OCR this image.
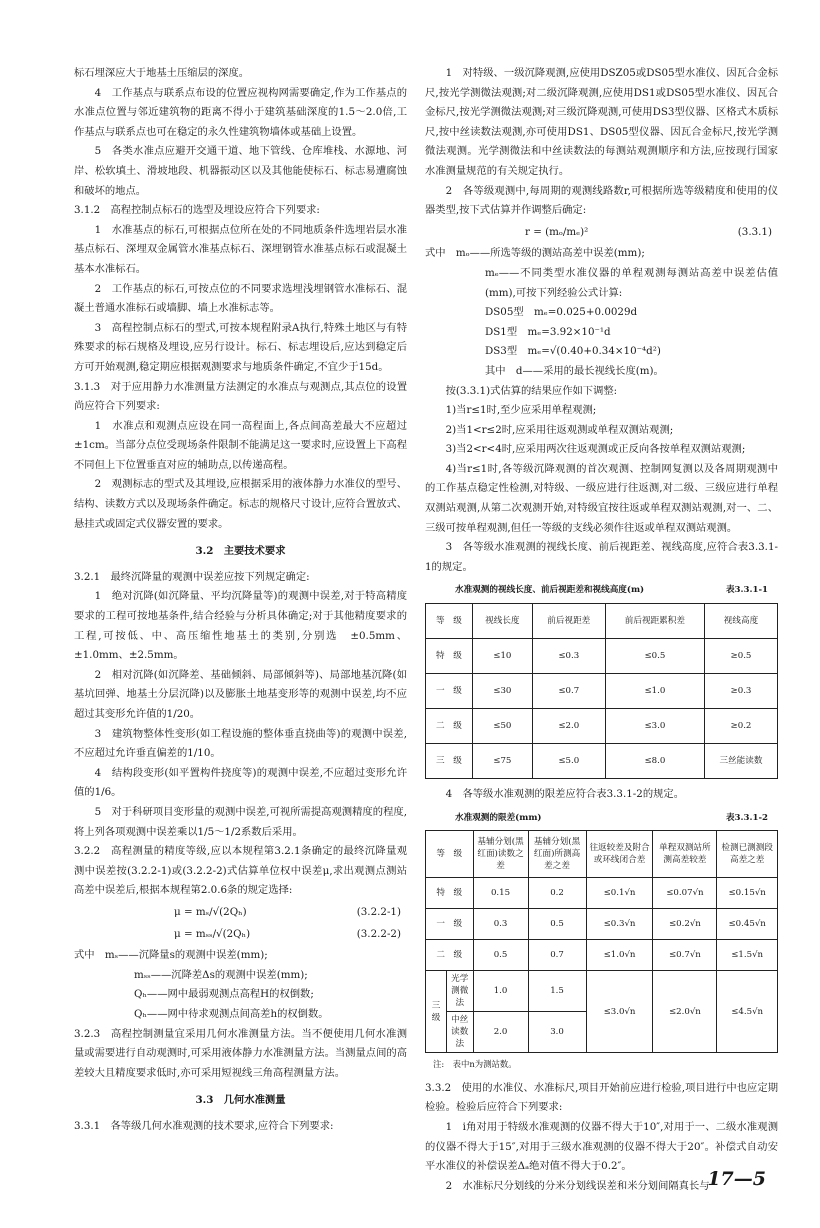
标石埋深应大于地基土压缩层的深度。

4　工作基点与联系点布设的位置应视构网需要确定,作为工作基点的水准点位置与邻近建筑物的距离不得小于建筑基础深度的1.5～2.0倍,工作基点与联系点也可在稳定的永久性建筑物墙体或基础上设置。

5　各类水准点应避开交通干道、地下管线、仓库堆栈、水源地、河岸、松软填土、滑坡地段、机器振动区以及其他能使标石、标志易遭腐蚀和破坏的地点。

3.1.2　高程控制点标石的选型及埋设应符合下列要求:

1　水准基点的标石,可根据点位所在处的不同地质条件选埋岩层水准基点标石、深埋双金属管水准基点标石、深埋钢管水准基点标石或混凝土基本水准标石。

2　工作基点的标石,可按点位的不同要求选埋浅埋钢管水准标石、混凝土普通水准标石或墙脚、墙上水准标志等。

3　高程控制点标石的型式,可按本规程附录A执行,特殊土地区与有特殊要求的标石规格及埋设,应另行设计。标石、标志埋设后,应达到稳定后方可开始观测,稳定期应根据观测要求与地质条件确定,不宜少于15d。

3.1.3　对于应用静力水准测量方法测定的水准点与观测点,其点位的设置尚应符合下列要求:

1　水准点和观测点应设在同一高程面上,各点间高差最大不应超过±1cm。当部分点位受现场条件限制不能满足这一要求时,应设置上下高程不同但上下位置垂直对应的辅助点,以传递高程。

2　观测标志的型式及其埋设,应根据采用的液体静力水准仪的型号、结构、读数方式以及现场条件确定。标志的规格尺寸设计,应符合置放式、悬挂式或固定式仪器安置的要求。

3.2　主要技术要求

3.2.1　最终沉降量的观测中误差应按下列规定确定:

1　绝对沉降(如沉降量、平均沉降量等)的观测中误差,对于特高精度要求的工程可按地基条件,结合经验与分析具体确定;对于其他精度要求的工程,可按低、中、高压缩性地基土的类别,分别选　±0.5mm、±1.0mm、±2.5mm。

2　相对沉降(如沉降差、基础倾斜、局部倾斜等)、局部地基沉降(如基坑回弹、地基土分层沉降)以及膨胀土地基变形等的观测中误差,均不应超过其变形允许值的1/20。

3　建筑物整体性变形(如工程设施的整体垂直挠曲等)的观测中误差,不应超过允许垂直偏差的1/10。

4　结构段变形(如平置构件挠度等)的观测中误差,不应超过变形允许值的1/6。

5　对于科研项目变形量的观测中误差,可视所需提高观测精度的程度,将上列各项观测中误差乘以1/5～1/2系数后采用。

3.2.2　高程测量的精度等级,应以本规程第3.2.1条确定的最终沉降量观测中误差按(3.2.2-1)或(3.2.2-2)式估算单位权中误差μ,求出观测点测站高差中误差后,根据本规程第2.0.6条的规定选择:

μ = mₛ/√(2Qₕ)	(3.2.2-1)
μ = mₛₛ/√(2Qₕ)	(3.2.2-2)

式中　mₛ——沉降量s的观测中误差(mm);

mₛₛ——沉降差Δs的观测中误差(mm);

Qₕ——网中最弱观测点高程H的权倒数;

Qₕ——网中待求观测点间高差h的权倒数。

3.2.3　高程控制测量宜采用几何水准测量方法。当不便使用几何水准测量或需要进行自动观测时,可采用液体静力水准测量方法。当测量点间的高差较大且精度要求低时,亦可采用短视线三角高程测量方法。

3.3　几何水准测量

3.3.1　各等级几何水准观测的技术要求,应符合下列要求:

1　对特级、一级沉降观测,应使用DSZ05或DS05型水准仪、因瓦合金标尺,按光学测微法观测;对二级沉降观测,应使用DS1或DS05型水准仪、因瓦合金标尺,按光学测微法观测;对三级沉降观测,可使用DS3型仪器、区格式木质标尺,按中丝读数法观测,亦可使用DS1、DS05型仪器、因瓦合金标尺,按光学测微法观测。光学测微法和中丝读数法的每测站观测顺序和方法,应按现行国家水准测量规范的有关规定执行。

2　各等级观测中,每周期的观测线路数r,可根据所选等级精度和使用的仪器类型,按下式估算并作调整后确定:

r = (mₒ/mₑ)²	(3.3.1)

式中　mₒ——所选等级的测站高差中误差(mm);

mₑ——不同类型水准仪器的单程观测每测站高差中误差估值(mm),可按下列经验公式计算:

DS05型　mₑ=0.025+0.0029d

DS1型　mₑ=3.92×10⁻¹d

DS3型　mₑ=√(0.40+0.34×10⁻⁴d²)

其中　d——采用的最长视线长度(m)。

按(3.3.1)式估算的结果应作如下调整:

1)当r≤1时,至少应采用单程观测;

2)当1<r≤2时,应采用往返观测或单程双测站观测;

3)当2<r<4时,应采用两次往返观测或正反向各按单程双测站观测;

4)当r≤1时,各等级沉降观测的首次观测、控制网复测以及各周期观测中的工作基点稳定性检测,对特级、一级应进行往返测,对二级、三级应进行单程双测站观测,从第二次观测开始,对特级宜按往返或单程双测站观测,对一、二、三级可按单程观测,但任一等级的支线必须作往返或单程双测站观测。

3　各等级水准观测的视线长度、前后视距差、视线高度,应符合表3.3.1-1的规定。

水准观测的视线长度、前后视距差和视线高度(m)	表3.3.1-1
等　级	视线长度	前后视距差	前后视距累积差	视线高度
特　级	≤10	≤0.3	≤0.5	≥0.5
一　级	≤30	≤0.7	≤1.0	≥0.3
二　级	≤50	≤2.0	≤3.0	≥0.2
三　级	≤75	≤5.0	≤8.0	三丝能读数

4　各等级水准观测的限差应符合表3.3.1-2的规定。

水准观测的限差(mm)	表3.3.1-2
等　级		基辅分划(黑红面)读数之差	基辅分划(黑红面)所测高差之差	往返较差及附合或环线闭合差	单程双测站所测高差较差	检测已测测段高差之差
特　级		0.15	0.2	≤0.1√n	≤0.07√n	≤0.15√n
一　级		0.3	0.5	≤0.3√n	≤0.2√n	≤0.45√n
二　级		0.5	0.7	≤1.0√n	≤0.7√n	≤1.5√n
三级	光学测微法	1.0	1.5	≤3.0√n	≤2.0√n	≤4.5√n
	中丝读数法	2.0	3.0			
注:　表中n为测站数。

3.3.2　使用的水准仪、水准标尺,项目开始前应进行检验,项目进行中也应定期检验。检验后应符合下列要求:

1　i角对用于特级水准观测的仪器不得大于10″,对用于一、二级水准观测的仪器不得大于15″,对用于三级水准观测的仪器不得大于20″。补偿式自动安平水准仪的补偿误差Δₐ绝对值不得大于0.2″。

2　水准标尺分划线的分米分划线误差和米分划间隔真长与

17—5
